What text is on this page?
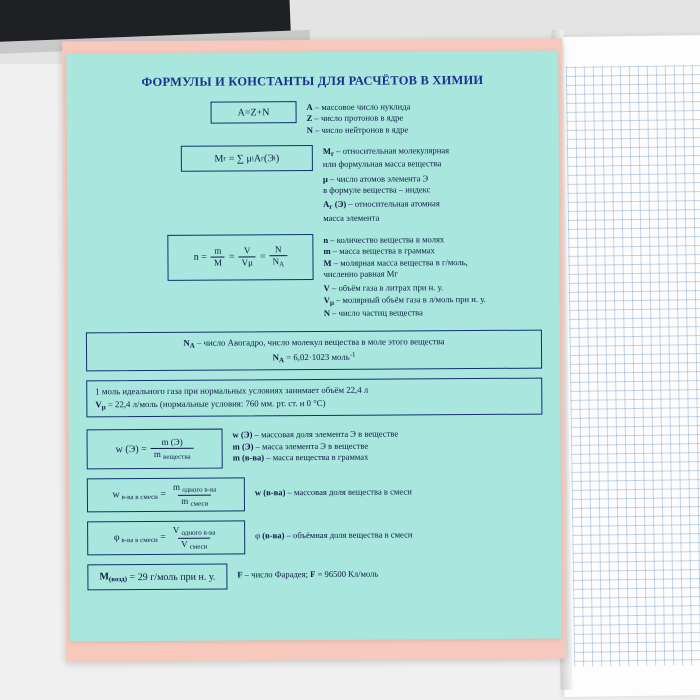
ФОРМУЛЫ И КОНСТАНТЫ ДЛЯ РАСЧЁТОВ В ХИМИИ
A=Z+N	A – массовое число нуклида
Z – число протонов в ядре
N – число нейтронов в ядре
M г = ∑ μ i A г (Э i )
$M_г$ – относительная молекулярная
или формульная масса вещества
μ – число атомов элемента Э
в формуле вещества – индекс
$A_г$ (Э) – относительная атомная
масса элемента
$n = \frac{m}{M} = \frac{V}{V\mu} = \frac{N}{N_A}$
n – количество вещества в молях
m – масса вещества в граммах
M – молярная масса вещества в г/моль,
численно равная Mг
V – объём газа в литрах при н. у.
$V_\mu$ – молярный объём газа в л/моль при н. у.
N – число частиц вещества
$N_A$ – число Авогадро, число молекул вещества в моле этого вещества
$N_A = 6,02\cdot 1023$ моль$^{-1}$
1 моль идеального газа при нормальных условиях занимает объём 22,4 л
$V_\mu = 22,4$ л/моль (нормальные условия: 760 мм. рт. ст. и 0 °С)
w $(Э) = \frac{m (Э)}{m _{вещества}}$
w (Э) – массовая доля элемента Э в веществе
m (Э) – масса элемента Э в веществе
m (в-ва) – масса вещества в граммах
w $_{в-ва в смеси} = \frac{m _{одного в-ва}}{m _{смеси}}$	w (в-ва) – массовая доля вещества в смеси
φ $_{в-ва в смеси} = \frac{V _{одного в-ва}}{V _{смеси}}$	φ (в-ва) – объёмная доля вещества в смеси
$M_{(возд)} = 29$ г/моль при н. у.	F – число Фарадея; F = 96500 Кл/моль
